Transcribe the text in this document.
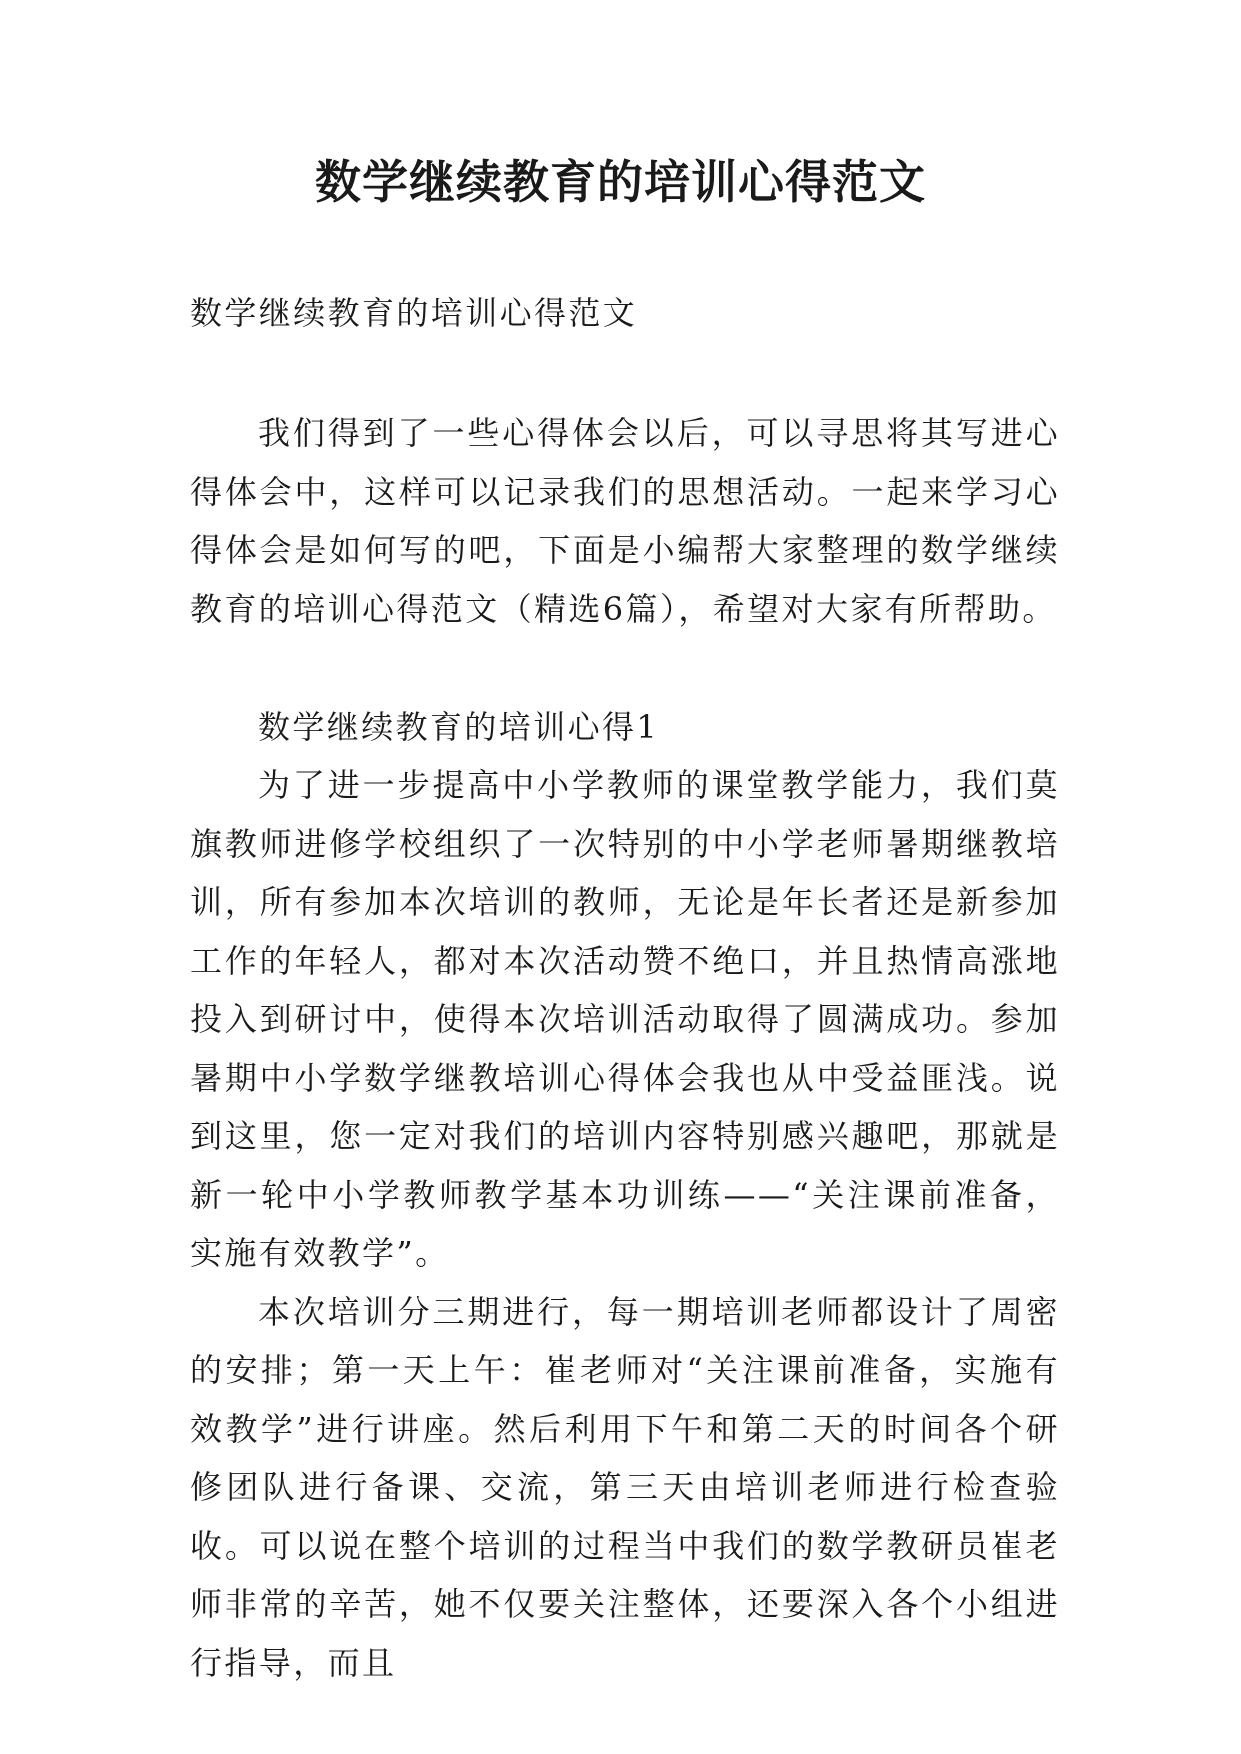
数学继续教育的培训心得范文
数学继续教育的培训心得范文

我们得到了一些心得体会以后，可以寻思将其写进心得体会中，这样可以记录我们的思想活动。一起来学习心得体会是如何写的吧，下面是小编帮大家整理的数学继续教育的培训心得范文（精选6篇），希望对大家有所帮助。

数学继续教育的培训心得1

为了进一步提高中小学教师的课堂教学能力，我们莫旗教师进修学校组织了一次特别的中小学老师暑期继教培训，所有参加本次培训的教师，无论是年长者还是新参加工作的年轻人，都对本次活动赞不绝口，并且热情高涨地投入到研讨中，使得本次培训活动取得了圆满成功。参加暑期中小学数学继教培训心得体会我也从中受益匪浅。说到这里，您一定对我们的培训内容特别感兴趣吧，那就是新一轮中小学教师教学基本功训练——“关注课前准备，实施有效教学”。

本次培训分三期进行，每一期培训老师都设计了周密的安排；第一天上午：崔老师对“关注课前准备，实施有效教学”进行讲座。然后利用下午和第二天的时间各个研修团队进行备课、交流，第三天由培训老师进行检查验收。可以说在整个培训的过程当中我们的数学教研员崔老师非常的辛苦，她不仅要关注整体，还要深入各个小组进行指导，而且
